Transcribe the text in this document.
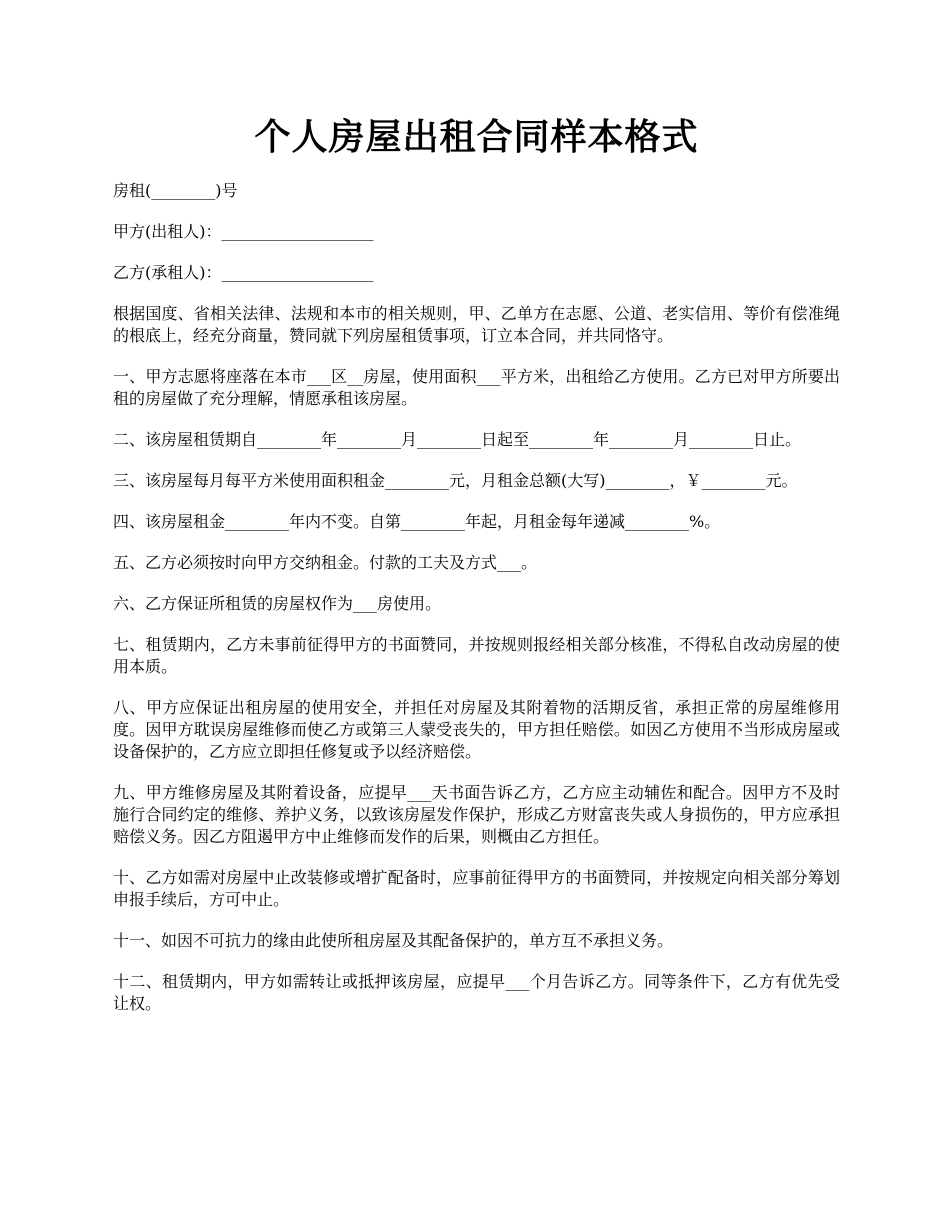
个人房屋出租合同样本格式

房租(________)号

甲方(出租人)：___________________

乙方(承租人)：___________________

根据国度、省相关法律、法规和本市的相关规则，甲、乙单方在志愿、公道、老实信用、等价有偿准绳的根底上，经充分商量，赞同就下列房屋租赁事项，订立本合同，并共同恪守。

一、甲方志愿将座落在本市___区__房屋，使用面积___平方米，出租给乙方使用。乙方已对甲方所要出租的房屋做了充分理解，情愿承租该房屋。

二、该房屋租赁期自________年________月________日起至________年________月________日止。

三、该房屋每月每平方米使用面积租金________元，月租金总额(大写)________，￥________元。

四、该房屋租金________年内不变。自第________年起，月租金每年递减________%。

五、乙方必须按时向甲方交纳租金。付款的工夫及方式___。

六、乙方保证所租赁的房屋权作为___房使用。

七、租赁期内，乙方未事前征得甲方的书面赞同，并按规则报经相关部分核准，不得私自改动房屋的使用本质。

八、甲方应保证出租房屋的使用安全，并担任对房屋及其附着物的活期反省，承担正常的房屋维修用度。因甲方耽误房屋维修而使乙方或第三人蒙受丧失的，甲方担任赔偿。如因乙方使用不当形成房屋或设备保护的，乙方应立即担任修复或予以经济赔偿。

九、甲方维修房屋及其附着设备，应提早___天书面告诉乙方，乙方应主动辅佐和配合。因甲方不及时施行合同约定的维修、养护义务，以致该房屋发作保护，形成乙方财富丧失或人身损伤的，甲方应承担赔偿义务。因乙方阻遏甲方中止维修而发作的后果，则概由乙方担任。

十、乙方如需对房屋中止改装修或增扩配备时，应事前征得甲方的书面赞同，并按规定向相关部分筹划申报手续后，方可中止。

十一、如因不可抗力的缘由此使所租房屋及其配备保护的，单方互不承担义务。

十二、租赁期内，甲方如需转让或抵押该房屋，应提早___个月告诉乙方。同等条件下，乙方有优先受让权。
